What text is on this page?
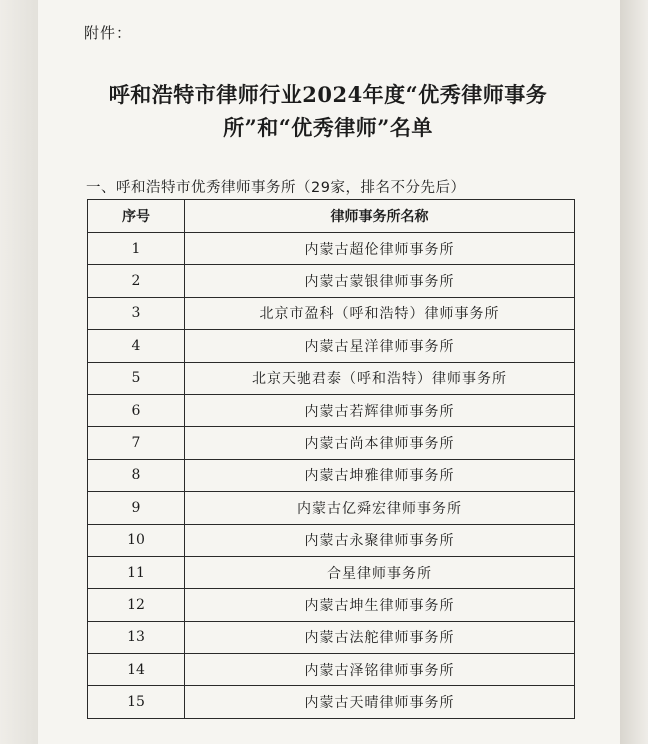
附件：
呼和浩特市律师行业2024年度“优秀律师事务
所”和“优秀律师”名单
一、呼和浩特市优秀律师事务所（29家，排名不分先后）
序号	律师事务所名称
1	内蒙古超伦律师事务所
2	内蒙古蒙银律师事务所
3	北京市盈科（呼和浩特）律师事务所
4	内蒙古星洋律师事务所
5	北京天驰君泰（呼和浩特）律师事务所
6	内蒙古若辉律师事务所
7	内蒙古尚本律师事务所
8	内蒙古坤雅律师事务所
9	内蒙古亿舜宏律师事务所
10	内蒙古永聚律师事务所
11	合星律师事务所
12	内蒙古坤生律师事务所
13	内蒙古法舵律师事务所
14	内蒙古泽铭律师事务所
15	内蒙古天晴律师事务所
